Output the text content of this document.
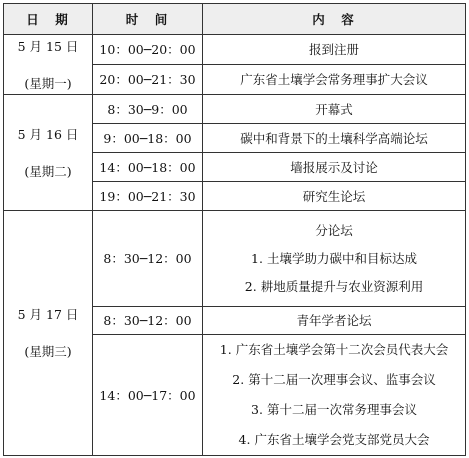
日　期	时　间	内　容

5 月 15 日
(星期一)	10：00─20：00	报到注册
	20：00─21：30	广东省土壤学会常务理事扩大会议

5 月 16 日
(星期二)	8：30─9：00	开幕式
	9：00─18：00	碳中和背景下的土壤科学高端论坛
	14：00─18：00	墙报展示及讨论
	19：00─21：30	研究生论坛

5 月 17 日
(星期三)	8：30─12：00	分论坛
1. 土壤学助力碳中和目标达成
2. 耕地质量提升与农业资源利用

	8：30─12：00	青年学者论坛
	14：00─17：00	1. 广东省土壤学会第十二次会员代表大会
2. 第十二届一次理事会议、监事会议
3. 第十二届一次常务理事会议
4. 广东省土壤学会党支部党员大会
